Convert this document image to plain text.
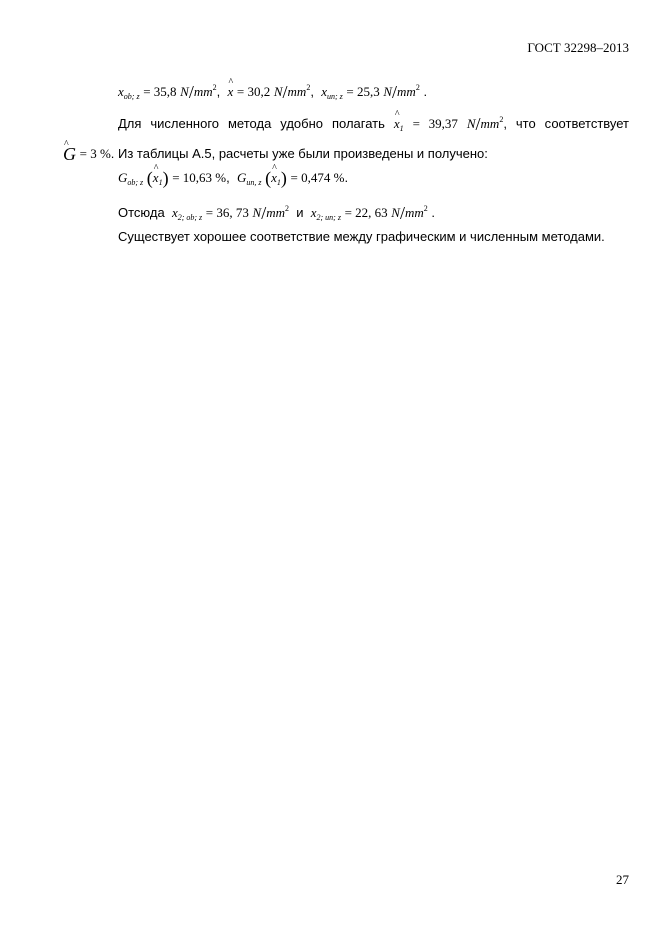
ГОСТ 32298–2013
$x_{ob; z} = 35,8$ $N/mm^2$, ^ x = 30,2 $N/mm^2$, $x_{un; z} = 25,3$ $N/mm^2$ .
Для численного метода удобно полагать ^ $x_1 = 39,37$ $N/mm^2$, что соответствует
^ G = 3 %. Из таблицы А.5, расчеты уже были произведены и получено:
$G_{ob; z}$ (^ $x_1) = 10,63$ %, $G_{un, z}$ (^ $x_1) = 0,474$ %.
Отсюда $x_{2; ob; z} = 36$, 73 $N/mm^2$ и $x_{2; un; z} = 22$, 63 $N/mm^2$ .
Существует хорошее соответствие между графическим и численным методами.
27
